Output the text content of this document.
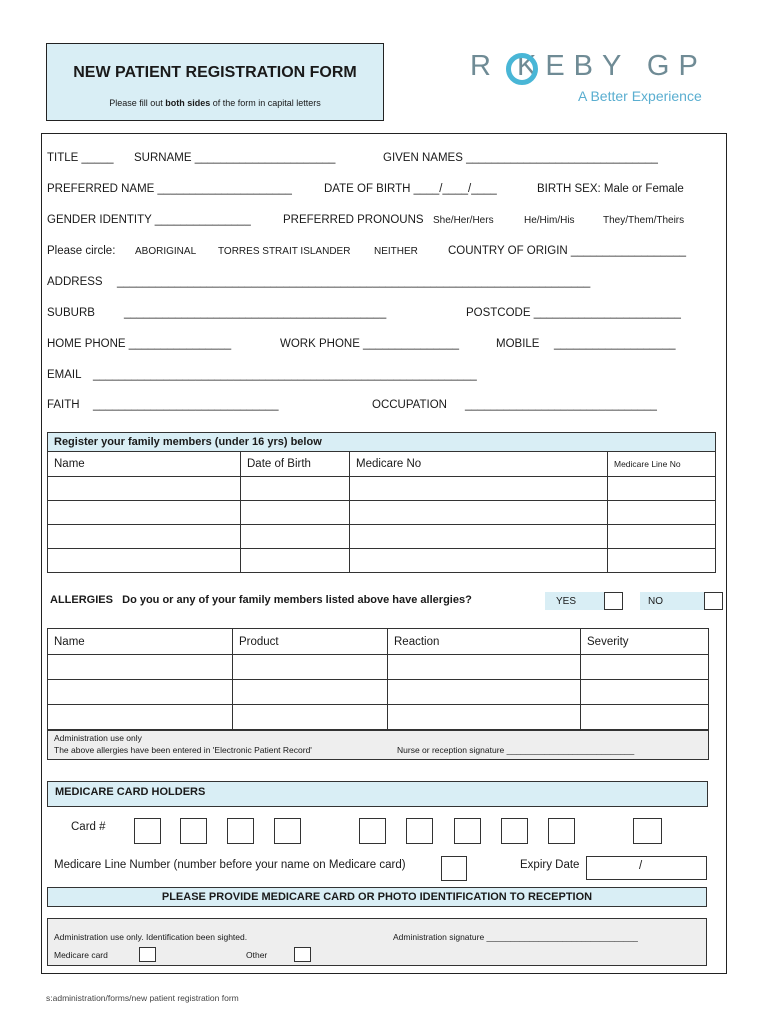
NEW PATIENT REGISTRATION FORM
Please fill out both sides of the form in capital letters
R KEBY GP
A Better Experience
TITLE _____ SURNAME ______________________	GIVEN NAMES ______________________________
PREFERRED NAME _____________________	DATE OF BIRTH ____/____/____	BIRTH SEX: Male or Female
GENDER IDENTITY _______________	PREFERRED PRONOUNS She/Her/Hers	He/Him/His	They/Them/Theirs
Please circle: ABORIGINAL TORRES STRAIT ISLANDER NEITHER	COUNTRY OF ORIGIN __________________
ADDRESS __________________________________________________________________________
SUBURB	_________________________________________	POSTCODE _______________________
HOME PHONE ________________	WORK PHONE _______________	MOBILE ___________________
EMAIL ____________________________________________________________
FAITH _____________________________	OCCUPATION ______________________________
Register your family members (under 16 yrs) below			
Name	Date of Birth	Medicare No	Medicare Line No

ALLERGIES Do you or any of your family members listed above have allergies?	YES	NO
Name	Product	Reaction	Severity

Administration use only
The above allergies have been entered in 'Electronic Patient Record'	Nurse or reception signature ___________________________
MEDICARE CARD HOLDERS
Card #
Medicare Line Number (number before your name on Medicare card)	Expiry Date	/
PLEASE PROVIDE MEDICARE CARD OR PHOTO IDENTIFICATION TO RECEPTION
Administration use only. Identification been sighted.	Administration signature ________________________________
Medicare card	Other
s:administration/forms/new patient registration form
